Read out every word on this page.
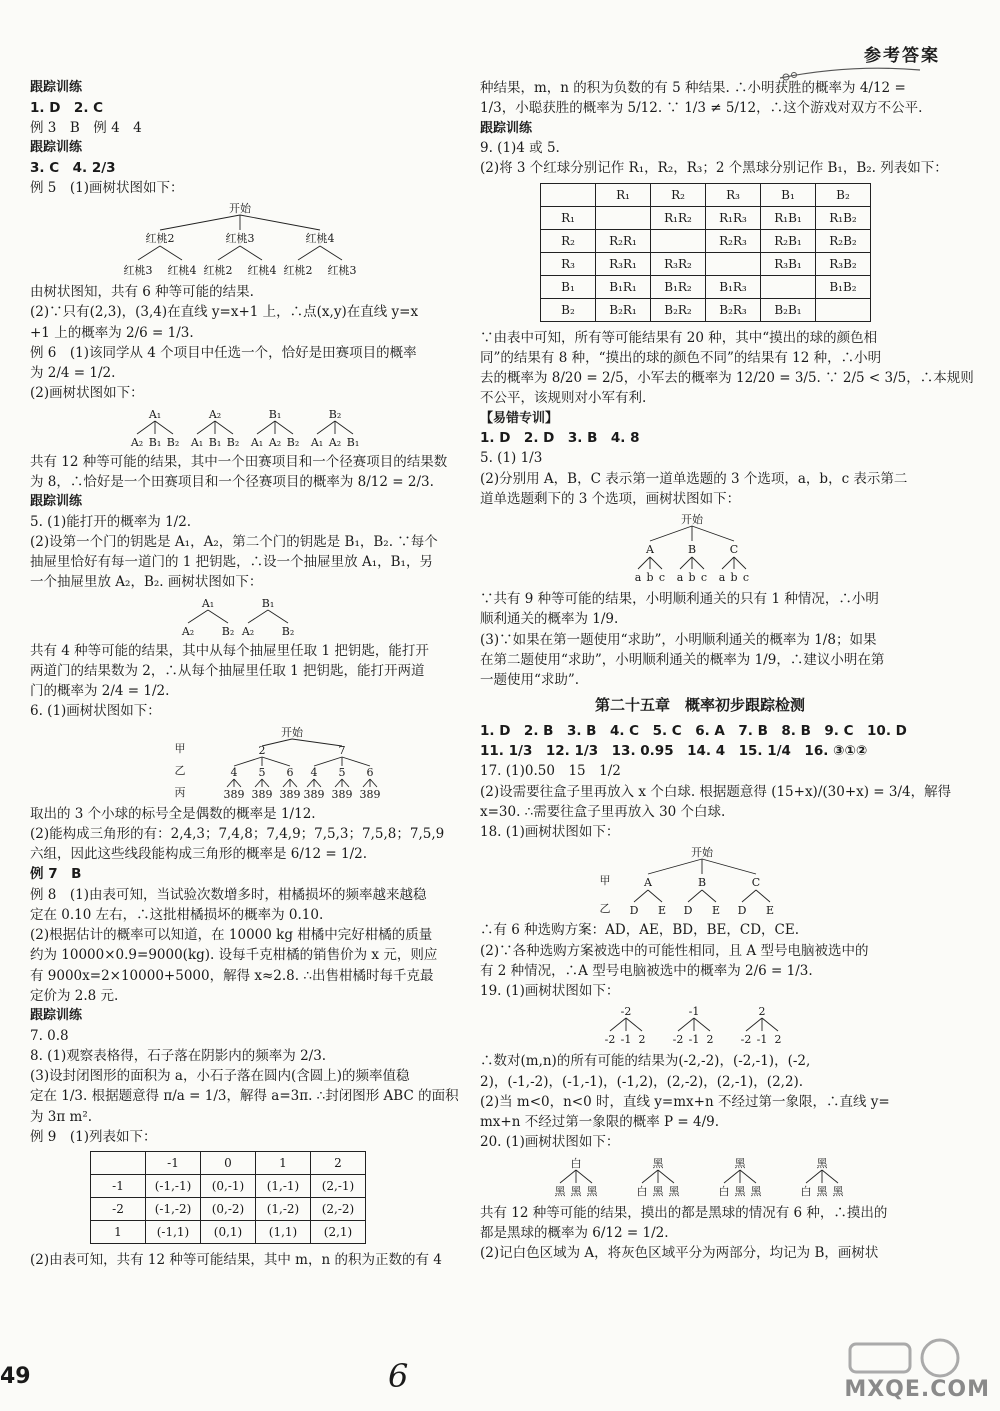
参考答案

跟踪训练

1. D　2. C

例 3　B　例 4　4

跟踪训练

3. C　4. 2/3

例 5　(1)画树状图如下：

开始
红桃2	红桃3	红桃4
红桃3 红桃4 红桃2 红桃4 红桃2 红桃3

由树状图知，共有 6 种等可能的结果.

(2)∵只有(2,3)，(3,4)在直线 y=x+1 上，∴点(x,y)在直线 y=x

+1 上的概率为 2/6 = 1/3.

例 6　(1)该同学从 4 个项目中任选一个，恰好是田赛项目的概率

为 2/4 = 1/2.

(2)画树状图如下：

A₁
A₂ B₁ B₂
A₂
A₁ B₁ B₂
B₁
A₁ A₂ B₂
B₂
A₁ A₂ B₁

共有 12 种等可能的结果，其中一个田赛项目和一个径赛项目的结果数

为 8，∴恰好是一个田赛项目和一个径赛项目的概率为 8/12 = 2/3.

跟踪训练

5. (1)能打开的概率为 1/2.

(2)设第一个门的钥匙是 A₁，A₂，第二个门的钥匙是 B₁，B₂. ∵每个

抽屉里恰好有每一道门的 1 把钥匙，∴设一个抽屉里放 A₁，B₁，另

一个抽屉里放 A₂，B₂. 画树状图如下：

A₁
A₂	B₂
B₁
A₂	B₂

共有 4 种等可能的结果，其中从每个抽屉里任取 1 把钥匙，能打开

两道门的结果数为 2，∴从每个抽屉里任取 1 把钥匙，能打开两道

门的概率为 2/4 = 1/2.

6. (1)画树状图如下：

开始
甲
乙
丙
2
4
3 8 9
5
3 8 9
6
3 8 9
7
4
3 8 9
5
3 8 9
6
3 8 9

取出的 3 个小球的标号全是偶数的概率是 1/12.

(2)能构成三角形的有：2,4,3；7,4,8；7,4,9；7,5,3；7,5,8；7,5,9

六组，因此这些线段能构成三角形的概率是 6/12 = 1/2.

例 7　B

例 8　(1)由表可知，当试验次数增多时，柑橘损坏的频率越来越稳

定在 0.10 左右，∴这批柑橘损坏的概率为 0.10.

(2)根据估计的概率可以知道，在 10000 kg 柑橘中完好柑橘的质量

约为 10000×0.9=9000(kg). 设每千克柑橘的销售价为 x 元，则应

有 9000x=2×10000+5000，解得 x≈2.8. ∴出售柑橘时每千克最

定价为 2.8 元.

跟踪训练

7. 0.8

8. (1)观察表格得，石子落在阴影内的频率为 2/3.

(3)设封闭图形的面积为 a，小石子落在圆内(含圆上)的频率值稳

定在 1/3. 根据题意得 π/a = 1/3，解得 a=3π. ∴封闭图形 ABC 的面积

为 3π m².

例 9　(1)列表如下：

	-1	0	1	2
-1	(-1,-1)	(0,-1)	(1,-1)	(2,-1)
-2	(-1,-2)	(0,-2)	(1,-2)	(2,-2)
1	(-1,1)	(0,1)	(1,1)	(2,1)

(2)由表可知，共有 12 种等可能结果，其中 m，n 的积为正数的有 4

种结果，m，n 的积为负数的有 5 种结果. ∴小明获胜的概率为 4/12 =

1/3，小聪获胜的概率为 5/12. ∵ 1/3 ≠ 5/12，∴这个游戏对双方不公平.

跟踪训练

9. (1)4 或 5.

(2)将 3 个红球分别记作 R₁，R₂，R₃；2 个黑球分别记作 B₁，B₂. 列表如下：

	R₁	R₂	R₃	B₁	B₂
R₁		R₁R₂	R₁R₃	R₁B₁	R₁B₂
R₂	R₂R₁		R₂R₃	R₂B₁	R₂B₂
R₃	R₃R₁	R₃R₂		R₃B₁	R₃B₂
B₁	B₁R₁	B₁R₂	B₁R₃		B₁B₂
B₂	B₂R₁	B₂R₂	B₂R₃	B₂B₁	

∵由表中可知，所有等可能结果有 20 种，其中“摸出的球的颜色相

同”的结果有 8 种，“摸出的球的颜色不同”的结果有 12 种，∴小明

去的概率为 8/20 = 2/5，小军去的概率为 12/20 = 3/5. ∵ 2/5 < 3/5，∴本规则

不公平，该规则对小军有利.

【易错专训】

1. D　2. D　3. B　4. 8

5. (1) 1/3

(2)分别用 A，B，C 表示第一道单选题的 3 个选项，a，b，c 表示第二

道单选题剩下的 3 个选项，画树状图如下：

开始
A
a b c
B
a b c
C
a b c

∵共有 9 种等可能的结果，小明顺利通关的只有 1 种情况，∴小明

顺利通关的概率为 1/9.

(3)∵如果在第一题使用“求助”，小明顺利通关的概率为 1/8；如果

在第二题使用“求助”，小明顺利通关的概率为 1/9，∴建议小明在第

一题使用“求助”.

第二十五章　概率初步跟踪检测

1. D　2. B　3. B　4. C　5. C　6. A　7. B　8. B　9. C　10. D

11. 1/3　12. 1/3　13. 0.95　14. 4　15. 1/4　16. ③①②

17. (1)0.50　15　1/2

(2)设需要往盒子里再放入 x 个白球. 根据题意得 (15+x)/(30+x) = 3/4，解得

x=30. ∴需要往盒子里再放入 30 个白球.

18. (1)画树状图如下：

开始
甲
乙
A
D E
B
D E
C
D E

∴有 6 种选购方案：AD，AE，BD，BE，CD，CE.

(2)∵各种选购方案被选中的可能性相同，且 A 型号电脑被选中的

有 2 种情况，∴A 型号电脑被选中的概率为 2/6 = 1/3.

19. (1)画树状图如下：

-2
-2 -1 2
-1
-2 -1 2
2
-2 -1 2

∴数对(m,n)的所有可能的结果为(-2,-2)，(-2,-1)，(-2,

2)，(-1,-2)，(-1,-1)，(-1,2)，(2,-2)，(2,-1)，(2,2).

(2)当 m<0，n<0 时，直线 y=mx+n 不经过第一象限，∴直线 y=

mx+n 不经过第一象限的概率 P = 4/9.

20. (1)画树状图如下：

白
黑 黑 黑
黑
白 黑 黑
黑
白 黑 黑
黑
白 黑 黑

共有 12 种等可能的结果，摸出的都是黑球的情况有 6 种，∴摸出的

都是黑球的概率为 6/12 = 1/2.

(2)记白色区域为 A，将灰色区域平分为两部分，均记为 B，画树状

49	6	MXQE.COM
